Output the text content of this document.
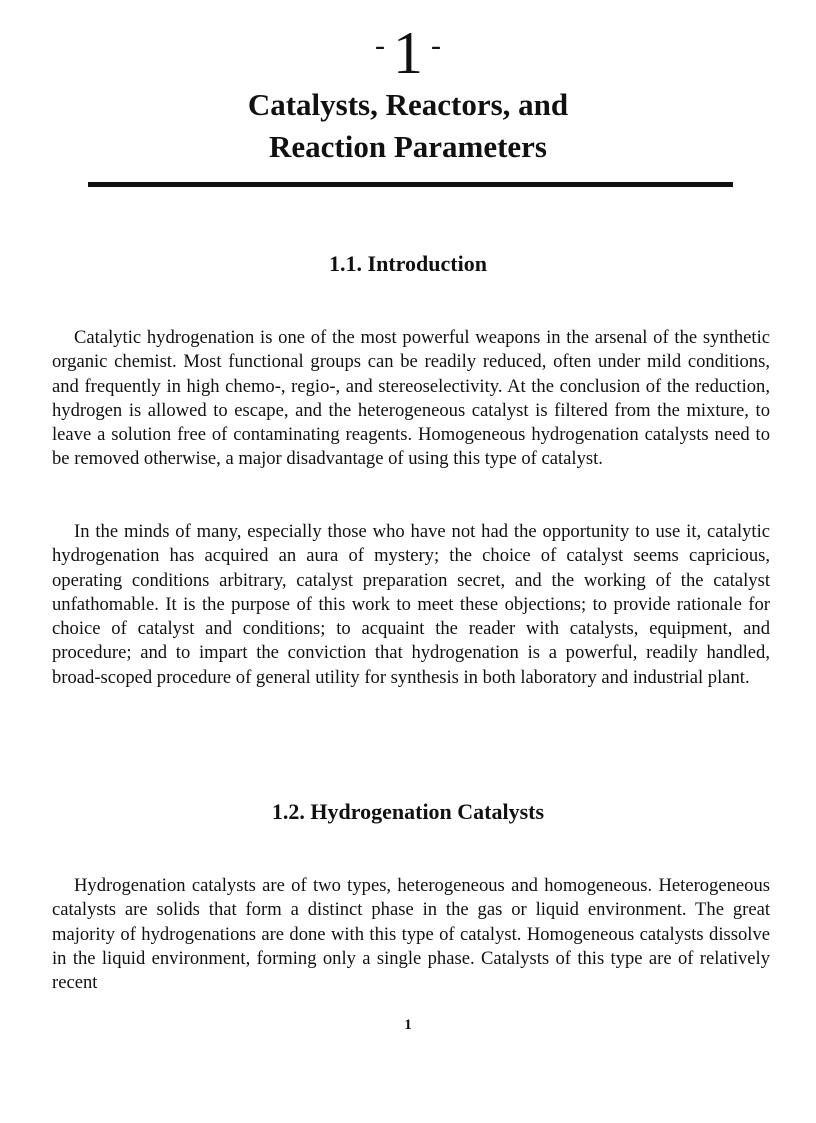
- 1 -
Catalysts, Reactors, and
Reaction Parameters
1.1. Introduction

Catalytic hydrogenation is one of the most powerful weapons in the arsenal of the synthetic organic chemist. Most functional groups can be readily reduced, often under mild conditions, and frequently in high chemo-, regio-, and stereoselectivity. At the conclusion of the reduction, hydrogen is allowed to escape, and the heterogeneous catalyst is filtered from the mixture, to leave a solution free of contaminating reagents. Homogeneous hydrogenation catalysts need to be removed otherwise, a major disadvantage of using this type of catalyst.

In the minds of many, especially those who have not had the opportunity to use it, catalytic hydrogenation has acquired an aura of mystery; the choice of catalyst seems capricious, operating conditions arbitrary, catalyst preparation secret, and the working of the catalyst unfathomable. It is the purpose of this work to meet these objections; to provide rationale for choice of catalyst and conditions; to acquaint the reader with catalysts, equipment, and procedure; and to impart the conviction that hydrogenation is a powerful, readily handled, broad-scoped procedure of general utility for synthesis in both laboratory and industrial plant.

1.2. Hydrogenation Catalysts

Hydrogenation catalysts are of two types, heterogeneous and homogeneous. Heterogeneous catalysts are solids that form a distinct phase in the gas or liquid environment. The great majority of hydrogenations are done with this type of catalyst. Homogeneous catalysts dissolve in the liquid environment, forming only a single phase. Catalysts of this type are of relatively recent

1
